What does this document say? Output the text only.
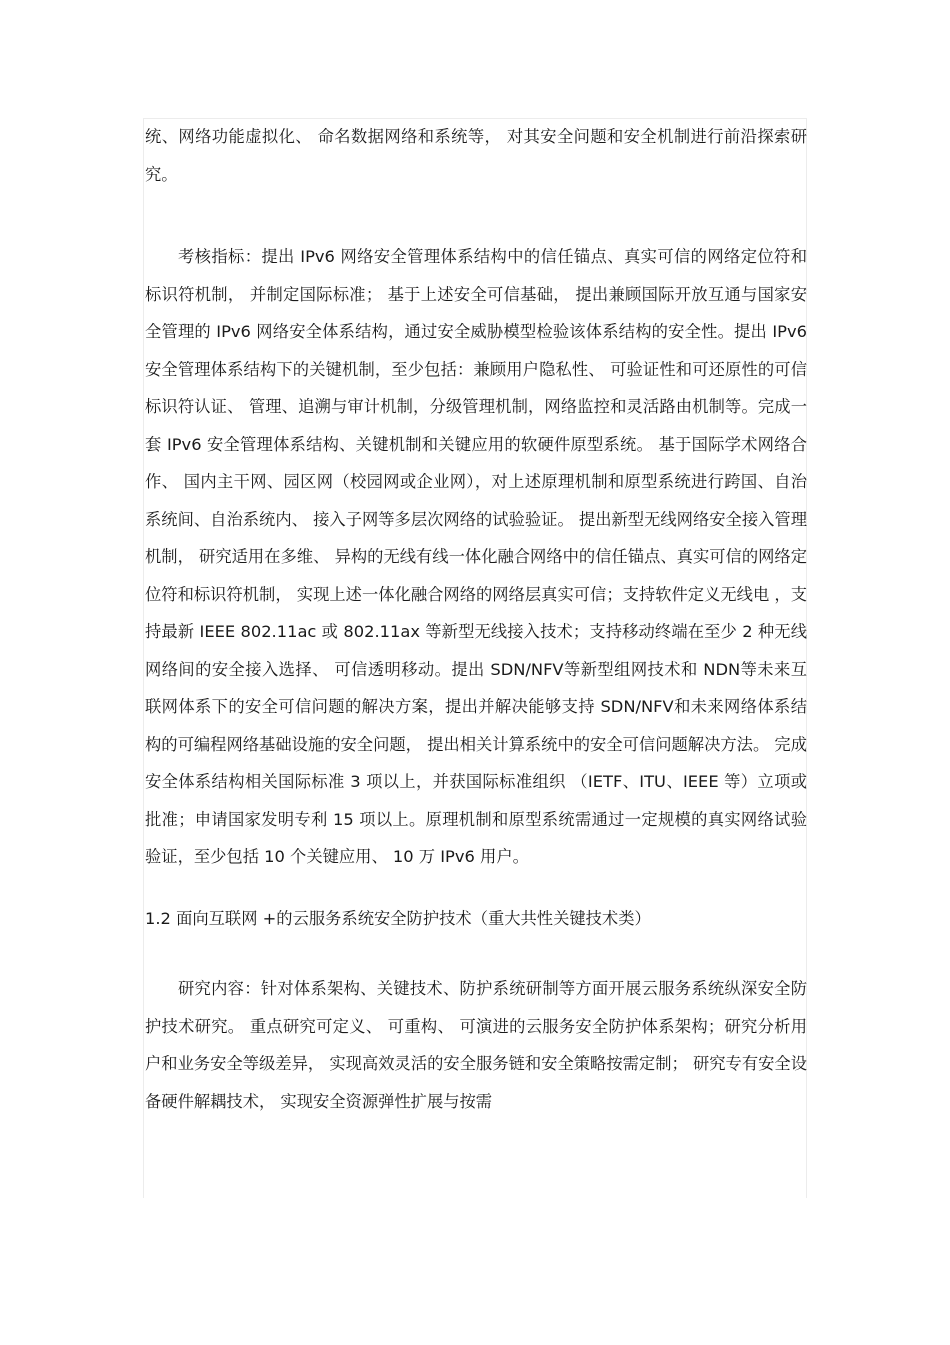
统、网络功能虚拟化、 命名数据网络和系统等， 对其安全问题和安全机制进行前沿探索研究。

考核指标：提出 IPv6 网络安全管理体系结构中的信任锚点、真实可信的网络定位符和标识符机制， 并制定国际标准； 基于上述安全可信基础， 提出兼顾国际开放互通与国家安全管理的 IPv6 网络安全体系结构，通过安全威胁模型检验该体系结构的安全性。提出 IPv6 安全管理体系结构下的关键机制，至少包括：兼顾用户隐私性、 可验证性和可还原性的可信标识符认证、 管理、追溯与审计机制，分级管理机制，网络监控和灵活路由机制等。完成一套 IPv6 安全管理体系结构、关键机制和关键应用的软硬件原型系统。 基于国际学术网络合作、 国内主干网、园区网（校园网或企业网），对上述原理机制和原型系统进行跨国、自治系统间、自治系统内、 接入子网等多层次网络的试验验证。 提出新型无线网络安全接入管理机制， 研究适用在多维、 异构的无线有线一体化融合网络中的信任锚点、真实可信的网络定位符和标识符机制， 实现上述一体化融合网络的网络层真实可信；支持软件定义无线电 ，支持最新 IEEE 802.11ac 或 802.11ax 等新型无线接入技术；支持移动终端在至少 2 种无线网络间的安全接入选择、 可信透明移动。提出 SDN/NFV等新型组网技术和 NDN等未来互联网体系下的安全可信问题的解决方案，提出并解决能够支持 SDN/NFV和未来网络体系结构的可编程网络基础设施的安全问题， 提出相关计算系统中的安全可信问题解决方法。 完成安全体系结构相关国际标准 3 项以上，并获国际标准组织 （IETF、ITU、IEEE 等）立项或批准；申请国家发明专利 15 项以上。原理机制和原型系统需通过一定规模的真实网络试验验证，至少包括 10 个关键应用、 10 万 IPv6 用户。

1.2 面向互联网 +的云服务系统安全防护技术（重大共性关键技术类）

研究内容：针对体系架构、关键技术、防护系统研制等方面开展云服务系统纵深安全防护技术研究。 重点研究可定义、 可重构、 可演进的云服务安全防护体系架构；研究分析用户和业务安全等级差异， 实现高效灵活的安全服务链和安全策略按需定制； 研究专有安全设备硬件解耦技术， 实现安全资源弹性扩展与按需
